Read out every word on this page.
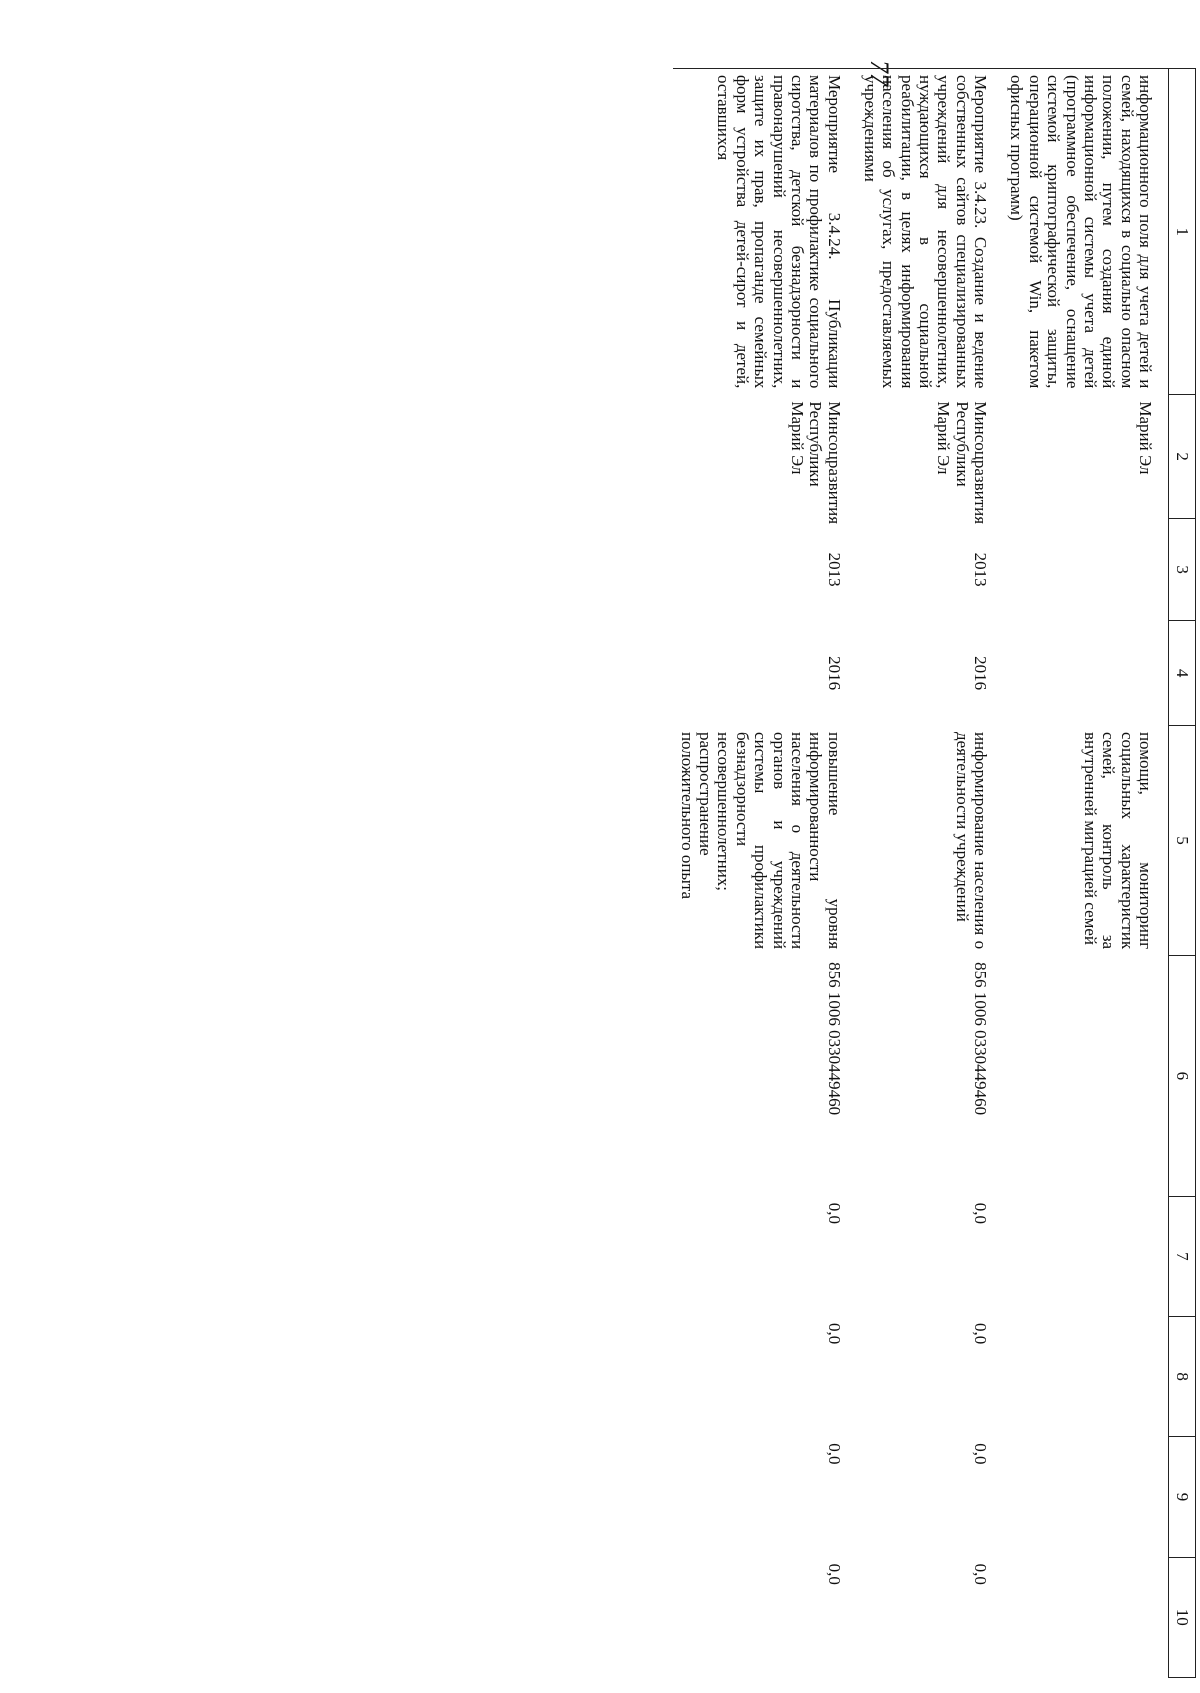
77
1	2	3	4	5	6	7	8	9	10
информационного поля для учета детей и семей, находящихся в социально опасном положении, путем создания единой информационной системы учета детей (программное обеспечение, оснащение системой криптографической защиты, операционной системой Win, пакетом офисных программ)	Марий Эл			помощи, мониторинг социальных характеристик семей, контроль за внутренней миграцией семей					
Мероприятие 3.4.23. Создание и ведение собственных сайтов специализированных учреждений для несовершеннолетних, нуждающихся в социальной реабилитации, в целях информирования населения об услугах, предоставляемых учреждениями	Минсоцразвития Республики Марий Эл	2013	2016	информирование населения о деятельности учреждений	856 1006 0330449460	0,0	0,0	0,0	0,0
Мероприятие 3.4.24. Публикации материалов по профилактике социального сиротства, детской безнадзорности и правонарушений несовершеннолетних, защите их прав, пропаганде семейных форм устройства детей-сирот и детей, оставшихся	Минсоцразвития Республики Марий Эл	2013	2016	повышение уровня информированности населения о деятельности органов и учреждений системы профилактики безнадзорности несовершеннолетних; распространение положительного опыта	856 1006 0330449460	0,0	0,0	0,0	0,0
